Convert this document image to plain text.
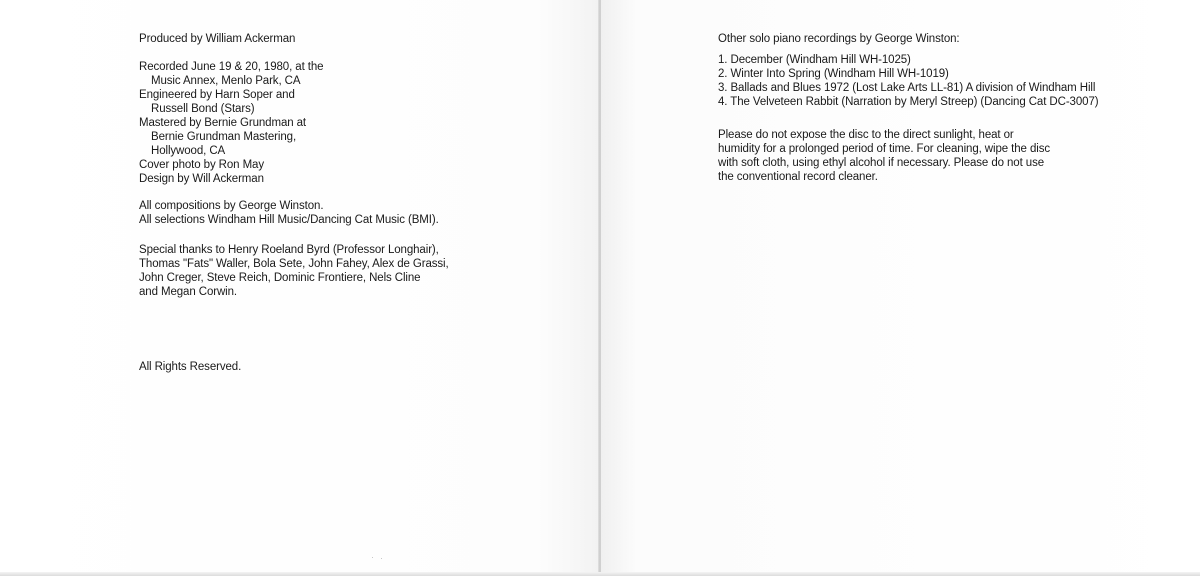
Produced by William Ackerman

Recorded June 19 & 20, 1980, at the
Music Annex, Menlo Park, CA
Engineered by Harn Soper and
Russell Bond (Stars)
Mastered by Bernie Grundman at
Bernie Grundman Mastering,
Hollywood, CA
Cover photo by Ron May
Design by Will Ackerman

All compositions by George Winston.
All selections Windham Hill Music/Dancing Cat Music (BMI).

Special thanks to Henry Roeland Byrd (Professor Longhair),
Thomas "Fats" Waller, Bola Sete, John Fahey, Alex de Grassi,
John Creger, Steve Reich, Dominic Frontiere, Nels Cline
and Megan Corwin.

All Rights Reserved.

Other solo piano recordings by George Winston:
1. December (Windham Hill WH-1025)
2. Winter Into Spring (Windham Hill WH-1019)
3. Ballads and Blues 1972 (Lost Lake Arts LL-81) A division of Windham Hill
4. The Velveteen Rabbit (Narration by Meryl Streep) (Dancing Cat DC-3007)

Please do not expose the disc to the direct sunlight, heat or
humidity for a prolonged period of time. For cleaning, wipe the disc
with soft cloth, using ethyl alcohol if necessary. Please do not use
the conventional record cleaner.
